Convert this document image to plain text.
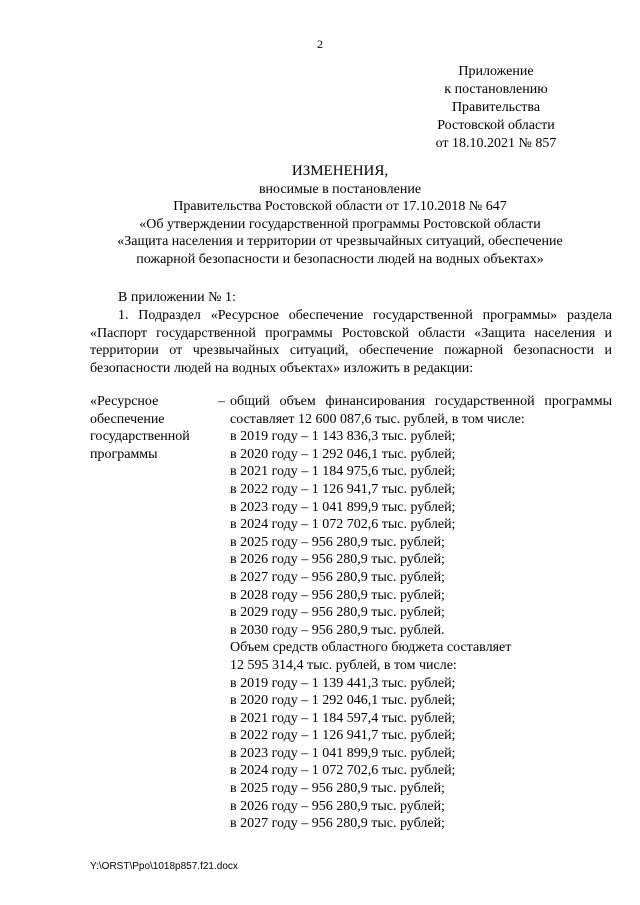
2
Приложение
к постановлению
Правительства
Ростовской области
от 18.10.2021 № 857
ИЗМЕНЕНИЯ,
вносимые в постановление
Правительства Ростовской области от 17.10.2018 № 647
«Об утверждении государственной программы Ростовской области
«Защита населения и территории от чрезвычайных ситуаций, обеспечение
пожарной безопасности и безопасности людей на водных объектах»
В приложении № 1:
1. Подраздел «Ресурсное обеспечение государственной программы» раздела «Паспорт государственной программы Ростовской области «Защита населения и территории от чрезвычайных ситуаций, обеспечение пожарной безопасности и безопасности людей на водных объектах» изложить в редакции:
«Ресурсное обеспечение государственной программы
– общий объем финансирования государственной программы составляет 12 600 087,6 тыс. рублей, в том числе:
в 2019 году – 1 143 836,3 тыс. рублей;
в 2020 году – 1 292 046,1 тыс. рублей;
в 2021 году – 1 184 975,6 тыс. рублей;
в 2022 году – 1 126 941,7 тыс. рублей;
в 2023 году – 1 041 899,9 тыс. рублей;
в 2024 году – 1 072 702,6 тыс. рублей;
в 2025 году – 956 280,9 тыс. рублей;
в 2026 году – 956 280,9 тыс. рублей;
в 2027 году – 956 280,9 тыс. рублей;
в 2028 году – 956 280,9 тыс. рублей;
в 2029 году – 956 280,9 тыс. рублей;
в 2030 году – 956 280,9 тыс. рублей.
Объем средств областного бюджета составляет
12 595 314,4 тыс. рублей, в том числе:
в 2019 году – 1 139 441,3 тыс. рублей;
в 2020 году – 1 292 046,1 тыс. рублей;
в 2021 году – 1 184 597,4 тыс. рублей;
в 2022 году – 1 126 941,7 тыс. рублей;
в 2023 году – 1 041 899,9 тыс. рублей;
в 2024 году – 1 072 702,6 тыс. рублей;
в 2025 году – 956 280,9 тыс. рублей;
в 2026 году – 956 280,9 тыс. рублей;
в 2027 году – 956 280,9 тыс. рублей;
Y:\ORST\Ppo\1018p857.f21.docx
